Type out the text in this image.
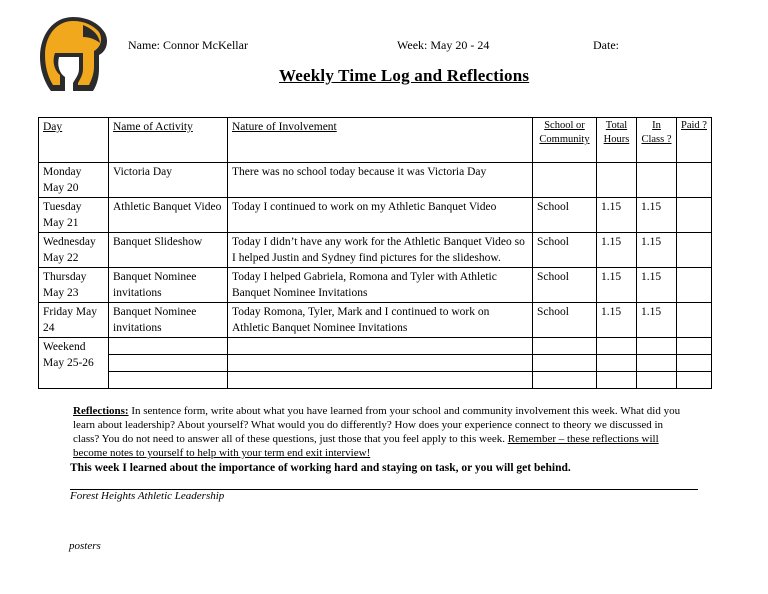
Name: Connor McKellar	Week: May 20 - 24	Date:
Weekly Time Log and Reflections
Day	Name of Activity	Nature of Involvement	School or Community	Total Hours	In Class ?	Paid ?
Monday May 20	Victoria Day	There was no school today because it was Victoria Day				
Tuesday May 21	Athletic Banquet Video	Today I continued to work on my Athletic Banquet Video	School	1.15	1.15	
Wednesday May 22	Banquet Slideshow	Today I didn’t have any work for the Athletic Banquet Video so I helped Justin and Sydney find pictures for the slideshow.	School	1.15	1.15	
Thursday May 23	Banquet Nominee invitations	Today I helped Gabriela, Romona and Tyler with Athletic Banquet Nominee Invitations	School	1.15	1.15	
Friday May 24	Banquet Nominee invitations	Today Romona, Tyler, Mark and I continued to work on Athletic Banquet Nominee Invitations	School	1.15	1.15	
Weekend May 25-26						

Reflections: In sentence form, write about what you have learned from your school and community involvement this week. What did you learn about leadership? About yourself? What would you do differently? How does your experience connect to theory we discussed in class? You do not need to answer all of these questions, just those that you feel apply to this week. Remember – these reflections will become notes to yourself to help with your term end exit interview!
This week I learned about the importance of working hard and staying on task, or you will get behind.
Forest Heights Athletic Leadership
posters
